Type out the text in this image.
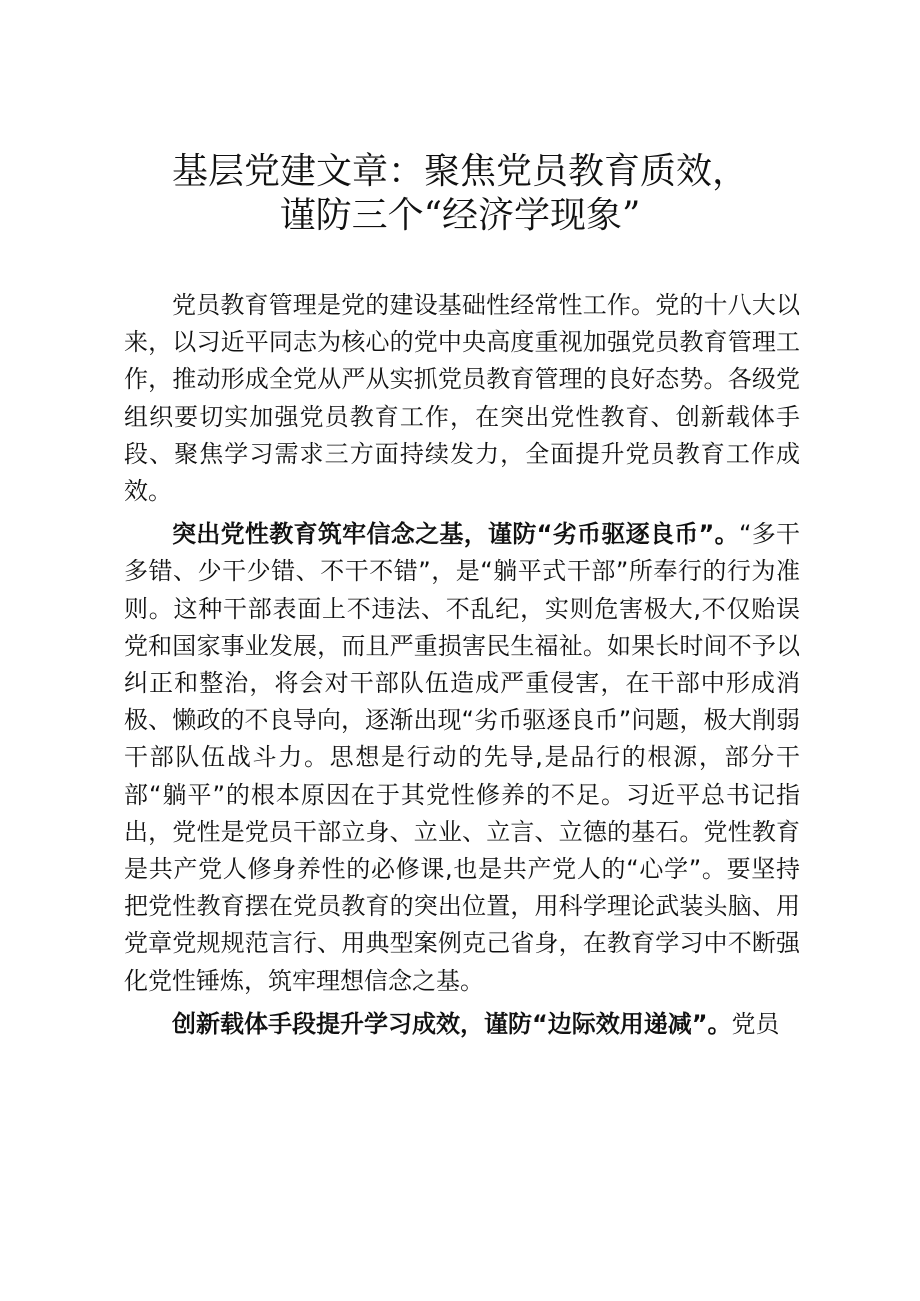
基层党建文章：聚焦党员教育质效，
谨防三个“经济学现象”

党员教育管理是党的建设基础性经常性工作。党的十八大以来，以习近平同志为核心的党中央高度重视加强党员教育管理工作，推动形成全党从严从实抓党员教育管理的良好态势。各级党组织要切实加强党员教育工作，在突出党性教育、创新载体手段、聚焦学习需求三方面持续发力，全面提升党员教育工作成效。

突出党性教育筑牢信念之基，谨防“劣币驱逐良币”。“多干多错、少干少错、不干不错”，是“躺平式干部”所奉行的行为准则。这种干部表面上不违法、不乱纪，实则危害极大,不仅贻误党和国家事业发展，而且严重损害民生福祉。如果长时间不予以纠正和整治，将会对干部队伍造成严重侵害，在干部中形成消极、懒政的不良导向，逐渐出现“劣币驱逐良币”问题，极大削弱干部队伍战斗力。思想是行动的先导,是品行的根源，部分干部“躺平”的根本原因在于其党性修养的不足。习近平总书记指出，党性是党员干部立身、立业、立言、立德的基石。党性教育是共产党人修身养性的必修课,也是共产党人的“心学”。要坚持把党性教育摆在党员教育的突出位置，用科学理论武装头脑、用党章党规规范言行、用典型案例克己省身，在教育学习中不断强化党性锤炼，筑牢理想信念之基。

创新载体手段提升学习成效，谨防“边际效用递减”。党员
